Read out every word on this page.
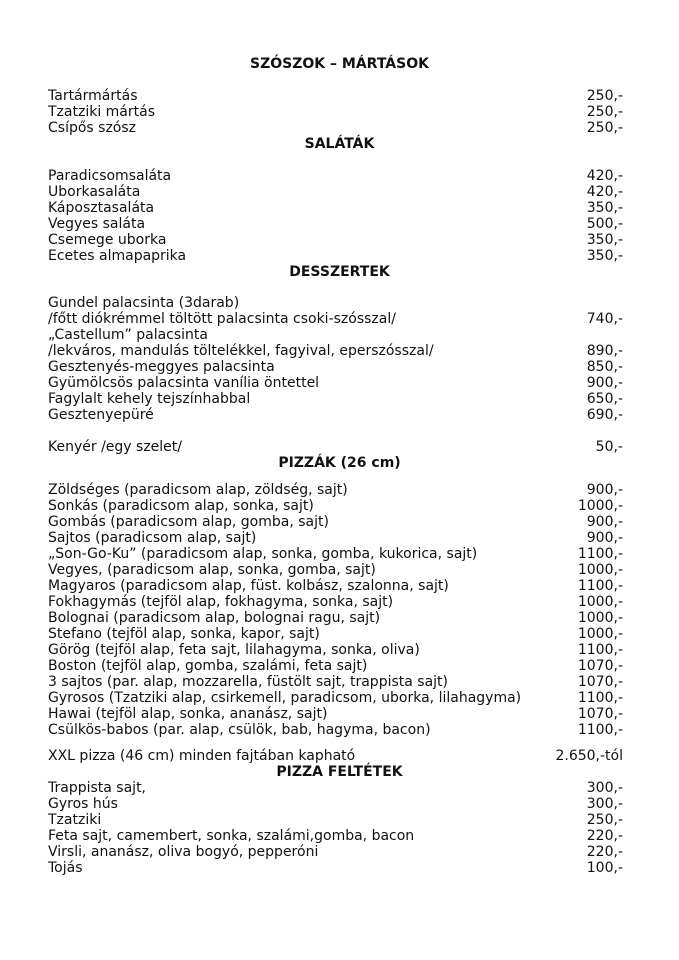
SZÓSZOK – MÁRTÁSOK
Tartármártás	250,-
Tzatziki mártás	250,-
Csípős szósz	250,-
SALÁTÁK
Paradicsomsaláta	420,-
Uborkasaláta	420,-
Káposztasaláta	350,-
Vegyes saláta	500,-
Csemege uborka	350,-
Ecetes almapaprika	350,-
DESSZERTEK
Gundel palacsinta (3darab)
/főtt diókrémmel töltött palacsinta csoki-szósszal/	740,-
„Castellum” palacsinta
/lekváros, mandulás töltelékkel, fagyival, eperszósszal/	890,-
Gesztenyés-meggyes palacsinta	850,-
Gyümölcsös palacsinta vanília öntettel	900,-
Fagylalt kehely tejszínhabbal	650,-
Gesztenyepüré	690,-
Kenyér /egy szelet/	50,-
PIZZÁK (26 cm)
Zöldséges (paradicsom alap, zöldség, sajt)	900,-
Sonkás (paradicsom alap, sonka, sajt)	1000,-
Gombás (paradicsom alap, gomba, sajt)	900,-
Sajtos (paradicsom alap, sajt)	900,-
„Son-Go-Ku” (paradicsom alap, sonka, gomba, kukorica, sajt)	1100,-
Vegyes, (paradicsom alap, sonka, gomba, sajt)	1000,-
Magyaros (paradicsom alap, füst. kolbász, szalonna, sajt)	1100,-
Fokhagymás (tejföl alap, fokhagyma, sonka, sajt)	1000,-
Bolognai (paradicsom alap, bolognai ragu, sajt)	1000,-
Stefano (tejföl alap, sonka, kapor, sajt)	1000,-
Görög (tejföl alap, feta sajt, lilahagyma, sonka, oliva)	1100,-
Boston (tejföl alap, gomba, szalámi, feta sajt)	1070,-
3 sajtos (par. alap, mozzarella, füstölt sajt, trappista sajt)	1070,-
Gyrosos (Tzatziki alap, csirkemell, paradicsom, uborka, lilahagyma)	1100,-
Hawai (tejföl alap, sonka, ananász, sajt)	1070,-
Csülkös-babos (par. alap, csülök, bab, hagyma, bacon)	1100,-
XXL pizza (46 cm) minden fajtában kapható	2.650,-tól
PIZZA FELTÉTEK
Trappista sajt,	300,-
Gyros hús	300,-
Tzatziki	250,-
Feta sajt, camembert, sonka, szalámi,gomba, bacon	220,-
Virsli, ananász, oliva bogyó, pepperóni	220,-
Tojás	100,-
